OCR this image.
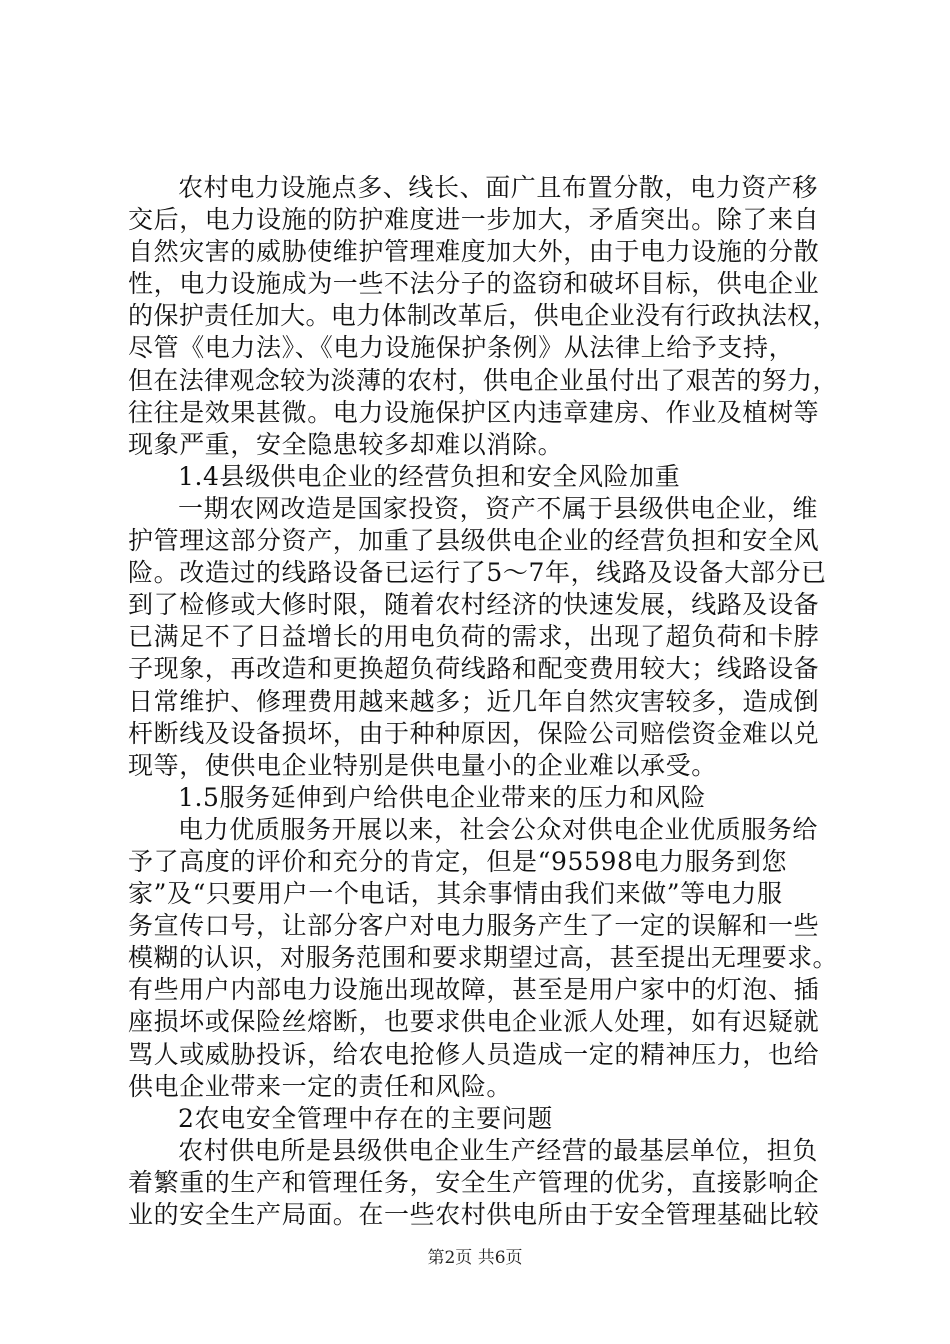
农村电力设施点多、线长、面广且布置分散，电力资产移
交后，电力设施的防护难度进一步加大，矛盾突出。除了来自
自然灾害的威胁使维护管理难度加大外，由于电力设施的分散
性，电力设施成为一些不法分子的盗窃和破坏目标，供电企业
的保护责任加大。电力体制改革后，供电企业没有行政执法权，
尽管《电力法》、《电力设施保护条例》从法律上给予支持，
但在法律观念较为淡薄的农村，供电企业虽付出了艰苦的努力，
往往是效果甚微。电力设施保护区内违章建房、作业及植树等
现象严重，安全隐患较多却难以消除。
1.4县级供电企业的经营负担和安全风险加重
一期农网改造是国家投资，资产不属于县级供电企业，维
护管理这部分资产，加重了县级供电企业的经营负担和安全风
险。改造过的线路设备已运行了5～7年，线路及设备大部分已
到了检修或大修时限，随着农村经济的快速发展，线路及设备
已满足不了日益增长的用电负荷的需求，出现了超负荷和卡脖
子现象，再改造和更换超负荷线路和配变费用较大；线路设备
日常维护、修理费用越来越多；近几年自然灾害较多，造成倒
杆断线及设备损坏，由于种种原因，保险公司赔偿资金难以兑
现等，使供电企业特别是供电量小的企业难以承受。
1.5服务延伸到户给供电企业带来的压力和风险
电力优质服务开展以来，社会公众对供电企业优质服务给
予了高度的评价和充分的肯定，但是“95598电力服务到您
家”及“只要用户一个电话，其余事情由我们来做”等电力服
务宣传口号，让部分客户对电力服务产生了一定的误解和一些
模糊的认识，对服务范围和要求期望过高，甚至提出无理要求。
有些用户内部电力设施出现故障，甚至是用户家中的灯泡、插
座损坏或保险丝熔断，也要求供电企业派人处理，如有迟疑就
骂人或威胁投诉，给农电抢修人员造成一定的精神压力，也给
供电企业带来一定的责任和风险。
2农电安全管理中存在的主要问题
农村供电所是县级供电企业生产经营的最基层单位，担负
着繁重的生产和管理任务，安全生产管理的优劣，直接影响企
业的安全生产局面。在一些农村供电所由于安全管理基础比较
第2页 共6页
